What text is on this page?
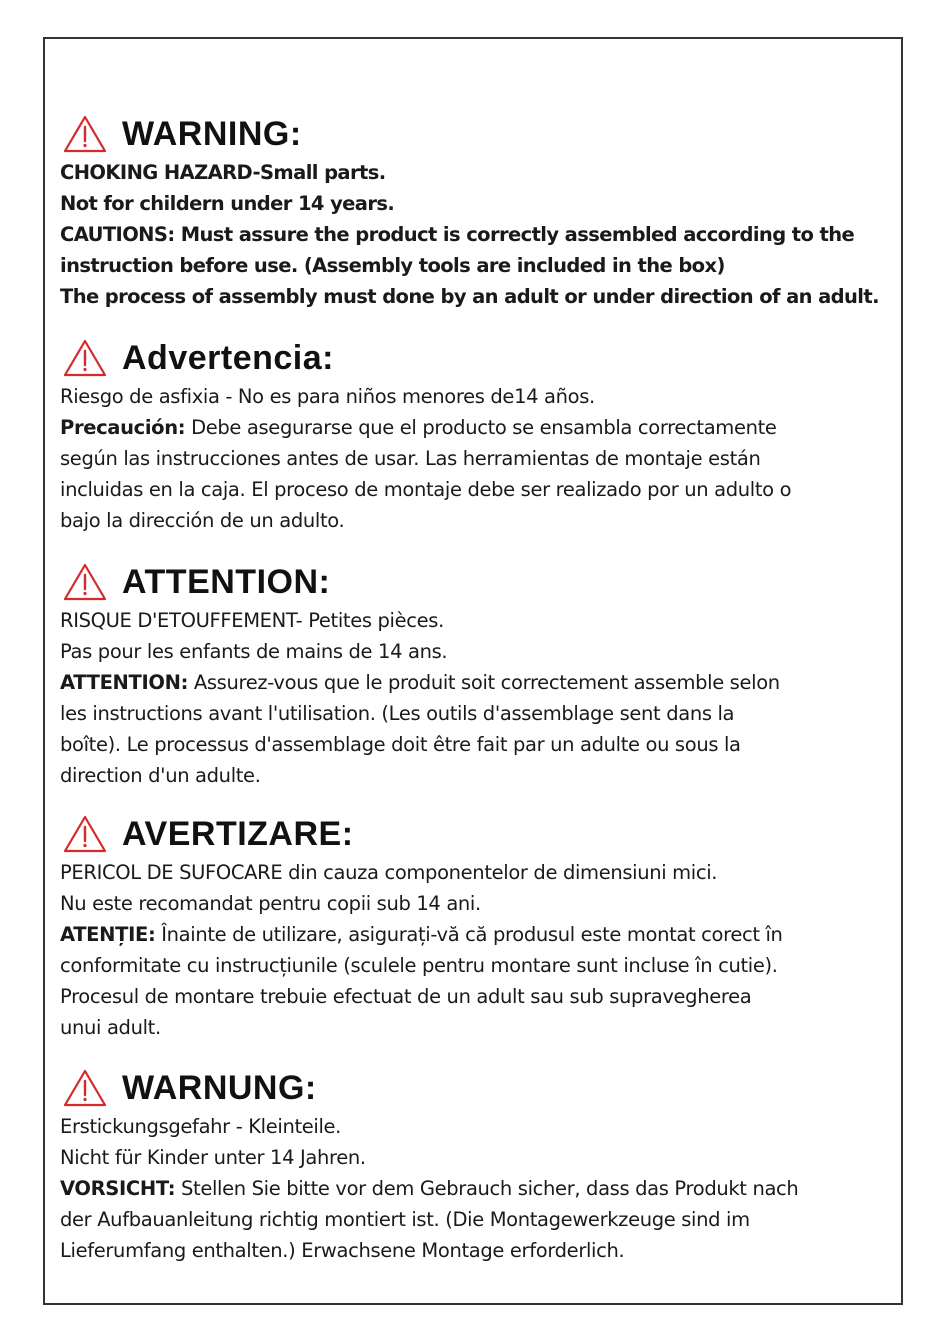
WARNING:
CHOKING HAZARD-Small parts.
Not for childern under 14 years.
CAUTIONS: Must assure the product is correctly assembled according to the
instruction before use. (Assembly tools are included in the box)
The process of assembly must done by an adult or under direction of an adult.
Advertencia:
Riesgo de asfixia - No es para niños menores de14 años.
Precaución: Debe asegurarse que el producto se ensambla correctamente
según las instrucciones antes de usar. Las herramientas de montaje están
incluidas en la caja. El proceso de montaje debe ser realizado por un adulto o
bajo la dirección de un adulto.
ATTENTION:
RISQUE D'ETOUFFEMENT- Petites pièces.
Pas pour les enfants de mains de 14 ans.
ATTENTION: Assurez-vous que le produit soit correctement assemble selon
les instructions avant l'utilisation. (Les outils d'assemblage sent dans la
boîte). Le processus d'assemblage doit être fait par un adulte ou sous la
direction d'un adulte.
AVERTIZARE:
PERICOL DE SUFOCARE din cauza componentelor de dimensiuni mici.
Nu este recomandat pentru copii sub 14 ani.
ATENȚIE: Înainte de utilizare, asigurați-vă că produsul este montat corect în
conformitate cu instrucțiunile (sculele pentru montare sunt incluse în cutie).
Procesul de montare trebuie efectuat de un adult sau sub supravegherea
unui adult.
WARNUNG:
Erstickungsgefahr - Kleinteile.
Nicht für Kinder unter 14 Jahren.
VORSICHT: Stellen Sie bitte vor dem Gebrauch sicher, dass das Produkt nach
der Aufbauanleitung richtig montiert ist. (Die Montagewerkzeuge sind im
Lieferumfang enthalten.) Erwachsene Montage erforderlich.
